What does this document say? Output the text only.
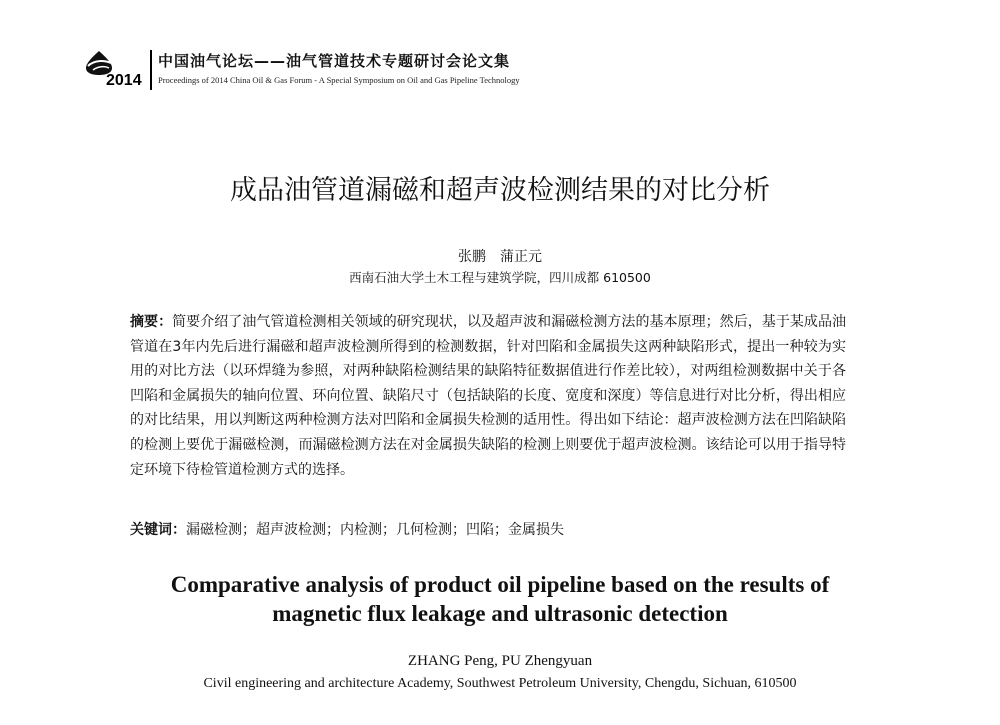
2014
中国油气论坛——油气管道技术专题研讨会论文集
Proceedings of 2014 China Oil & Gas Forum - A Special Symposium on Oil and Gas Pipeline Technology
成品油管道漏磁和超声波检测结果的对比分析
张鹏　蒲正元
西南石油大学土木工程与建筑学院，四川成都 610500
摘要：简要介绍了油气管道检测相关领域的研究现状，以及超声波和漏磁检测方法的基本原理；然后，基于某成品油管道在3年内先后进行漏磁和超声波检测所得到的检测数据，针对凹陷和金属损失这两种缺陷形式，提出一种较为实用的对比方法（以环焊缝为参照，对两种缺陷检测结果的缺陷特征数据值进行作差比较），对两组检测数据中关于各凹陷和金属损失的轴向位置、环向位置、缺陷尺寸（包括缺陷的长度、宽度和深度）等信息进行对比分析，得出相应的对比结果，用以判断这两种检测方法对凹陷和金属损失检测的适用性。得出如下结论：超声波检测方法在凹陷缺陷的检测上要优于漏磁检测，而漏磁检测方法在对金属损失缺陷的检测上则要优于超声波检测。该结论可以用于指导特定环境下待检管道检测方式的选择。
关键词：漏磁检测；超声波检测；内检测；几何检测；凹陷；金属损失
Comparative analysis of product oil pipeline based on the results of
magnetic flux leakage and ultrasonic detection
ZHANG Peng, PU Zhengyuan
Civil engineering and architecture Academy, Southwest Petroleum University, Chengdu, Sichuan, 610500
